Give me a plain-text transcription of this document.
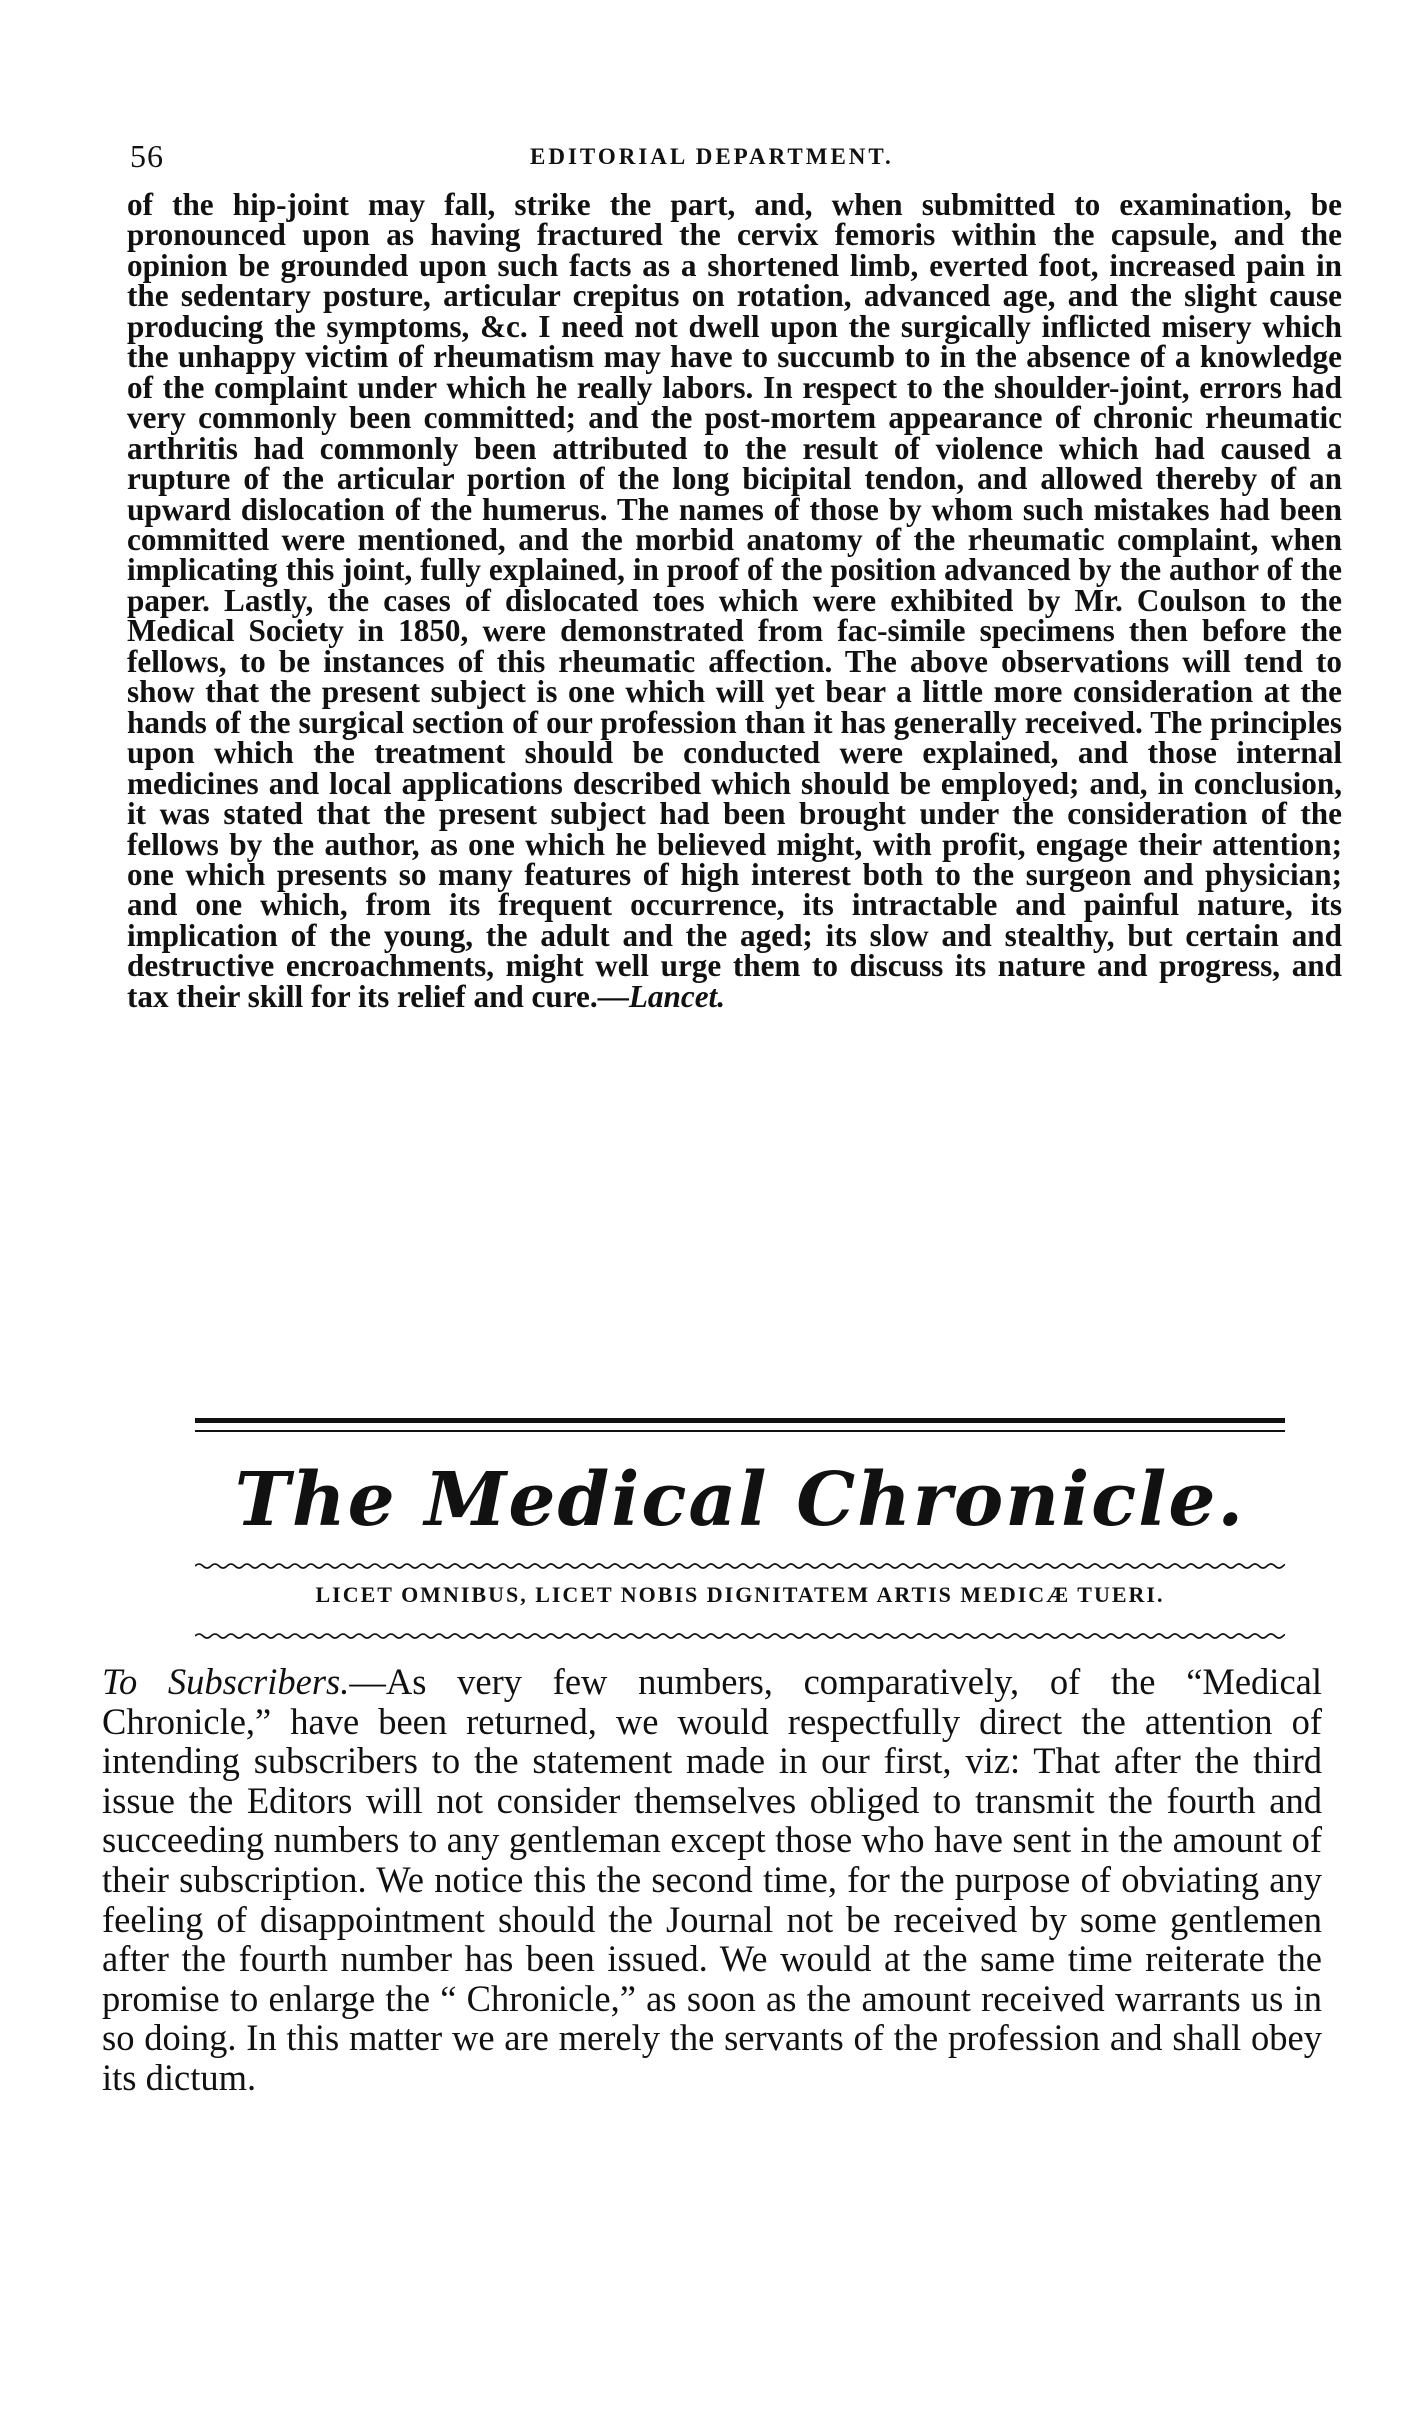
56	EDITORIAL DEPARTMENT.

of the hip-joint may fall, strike the part, and, when submitted to examination, be pronounced upon as having fractured the cervix femoris within the capsule, and the opinion be grounded upon such facts as a shortened limb, everted foot, increased pain in the sedentary posture, articular crepitus on rotation, advanced age, and the slight cause producing the symptoms, &c. I need not dwell upon the surgically inflicted misery which the unhappy victim of rheumatism may have to succumb to in the absence of a knowledge of the complaint under which he really labors. In respect to the shoulder-joint, errors had very commonly been committed; and the post-mortem appearance of chronic rheumatic arthritis had commonly been attributed to the result of violence which had caused a rupture of the articular portion of the long bicipital tendon, and allowed thereby of an upward dislocation of the humerus. The names of those by whom such mistakes had been committed were mentioned, and the morbid anatomy of the rheumatic complaint, when implicating this joint, fully explained, in proof of the position advanced by the author of the paper. Lastly, the cases of dislocated toes which were exhibited by Mr. Coulson to the Medical Society in 1850, were demonstrated from fac-simile specimens then before the fellows, to be instances of this rheumatic affection. The above observations will tend to show that the present subject is one which will yet bear a little more consideration at the hands of the surgical section of our profession than it has generally received. The principles upon which the treatment should be conducted were explained, and those internal medicines and local applications described which should be employed; and, in conclusion, it was stated that the present subject had been brought under the consideration of the fellows by the author, as one which he believed might, with profit, engage their attention; one which presents so many features of high interest both to the surgeon and physician; and one which, from its frequent occurrence, its intractable and painful nature, its implication of the young, the adult and the aged; its slow and stealthy, but certain and destructive encroachments, might well urge them to discuss its nature and progress, and tax their skill for its relief and cure.—Lancet.

The Medical Chronicle.
LICET OMNIBUS, LICET NOBIS DIGNITATEM ARTIS MEDICÆ TUERI.

To Subscribers.—As very few numbers, comparatively, of the “Medical Chronicle,” have been returned, we would respectfully direct the attention of intending subscribers to the statement made in our first, viz: That after the third issue the Editors will not consider themselves obliged to transmit the fourth and succeeding numbers to any gentleman except those who have sent in the amount of their subscription. We notice this the second time, for the purpose of obviating any feeling of disappointment should the Journal not be received by some gentlemen after the fourth number has been issued. We would at the same time reiterate the promise to enlarge the “ Chronicle,” as soon as the amount received warrants us in so doing. In this matter we are merely the servants of the profession and shall obey its dictum.
